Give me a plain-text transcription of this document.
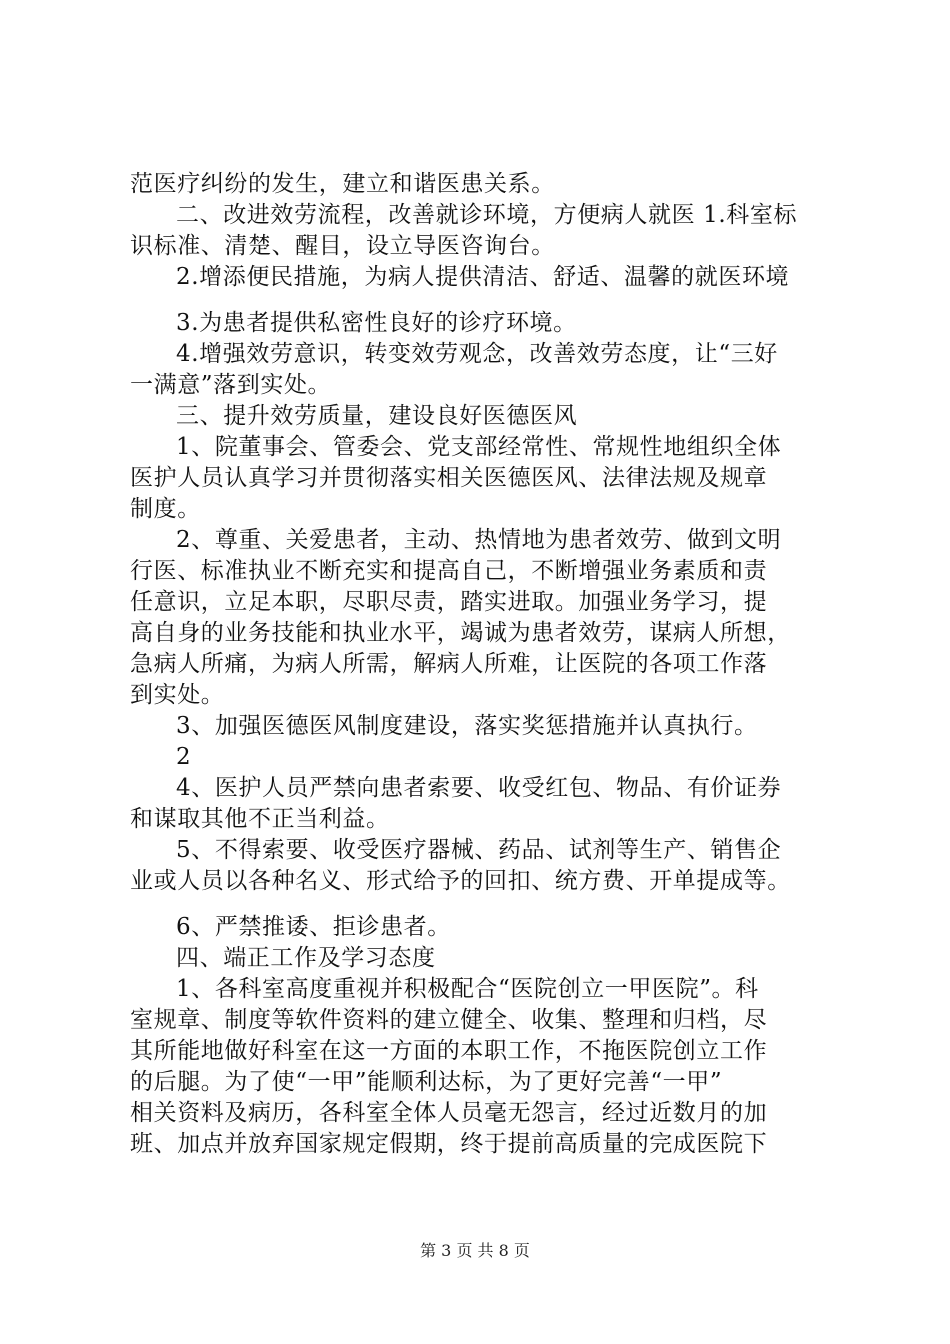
范医疗纠纷的发生，建立和谐医患关系。
二、改进效劳流程，改善就诊环境，方便病人就医 1.科室标
识标准、清楚、醒目，设立导医咨询台。
2.增添便民措施，为病人提供清洁、舒适、温馨的就医环境
3.为患者提供私密性良好的诊疗环境。
4.增强效劳意识，转变效劳观念，改善效劳态度，让“三好
一满意”落到实处。
三、提升效劳质量，建设良好医德医风
1、院董事会、管委会、党支部经常性、常规性地组织全体
医护人员认真学习并贯彻落实相关医德医风、法律法规及规章
制度。
2、尊重、关爱患者，主动、热情地为患者效劳、做到文明
行医、标准执业不断充实和提高自己，不断增强业务素质和责
任意识，立足本职，尽职尽责，踏实进取。加强业务学习，提
高自身的业务技能和执业水平，竭诚为患者效劳，谋病人所想，
急病人所痛，为病人所需，解病人所难，让医院的各项工作落
到实处。
3、加强医德医风制度建设，落实奖惩措施并认真执行。
2
4、医护人员严禁向患者索要、收受红包、物品、有价证券
和谋取其他不正当利益。
5、不得索要、收受医疗器械、药品、试剂等生产、销售企
业或人员以各种名义、形式给予的回扣、统方费、开单提成等。
6、严禁推诿、拒诊患者。
四、端正工作及学习态度
1、各科室高度重视并积极配合“医院创立一甲医院”。科
室规章、制度等软件资料的建立健全、收集、整理和归档，尽
其所能地做好科室在这一方面的本职工作，不拖医院创立工作
的后腿。为了使“一甲”能顺利达标，为了更好完善“一甲”
相关资料及病历，各科室全体人员毫无怨言，经过近数月的加
班、加点并放弃国家规定假期，终于提前高质量的完成医院下
第 3 页 共 8 页
